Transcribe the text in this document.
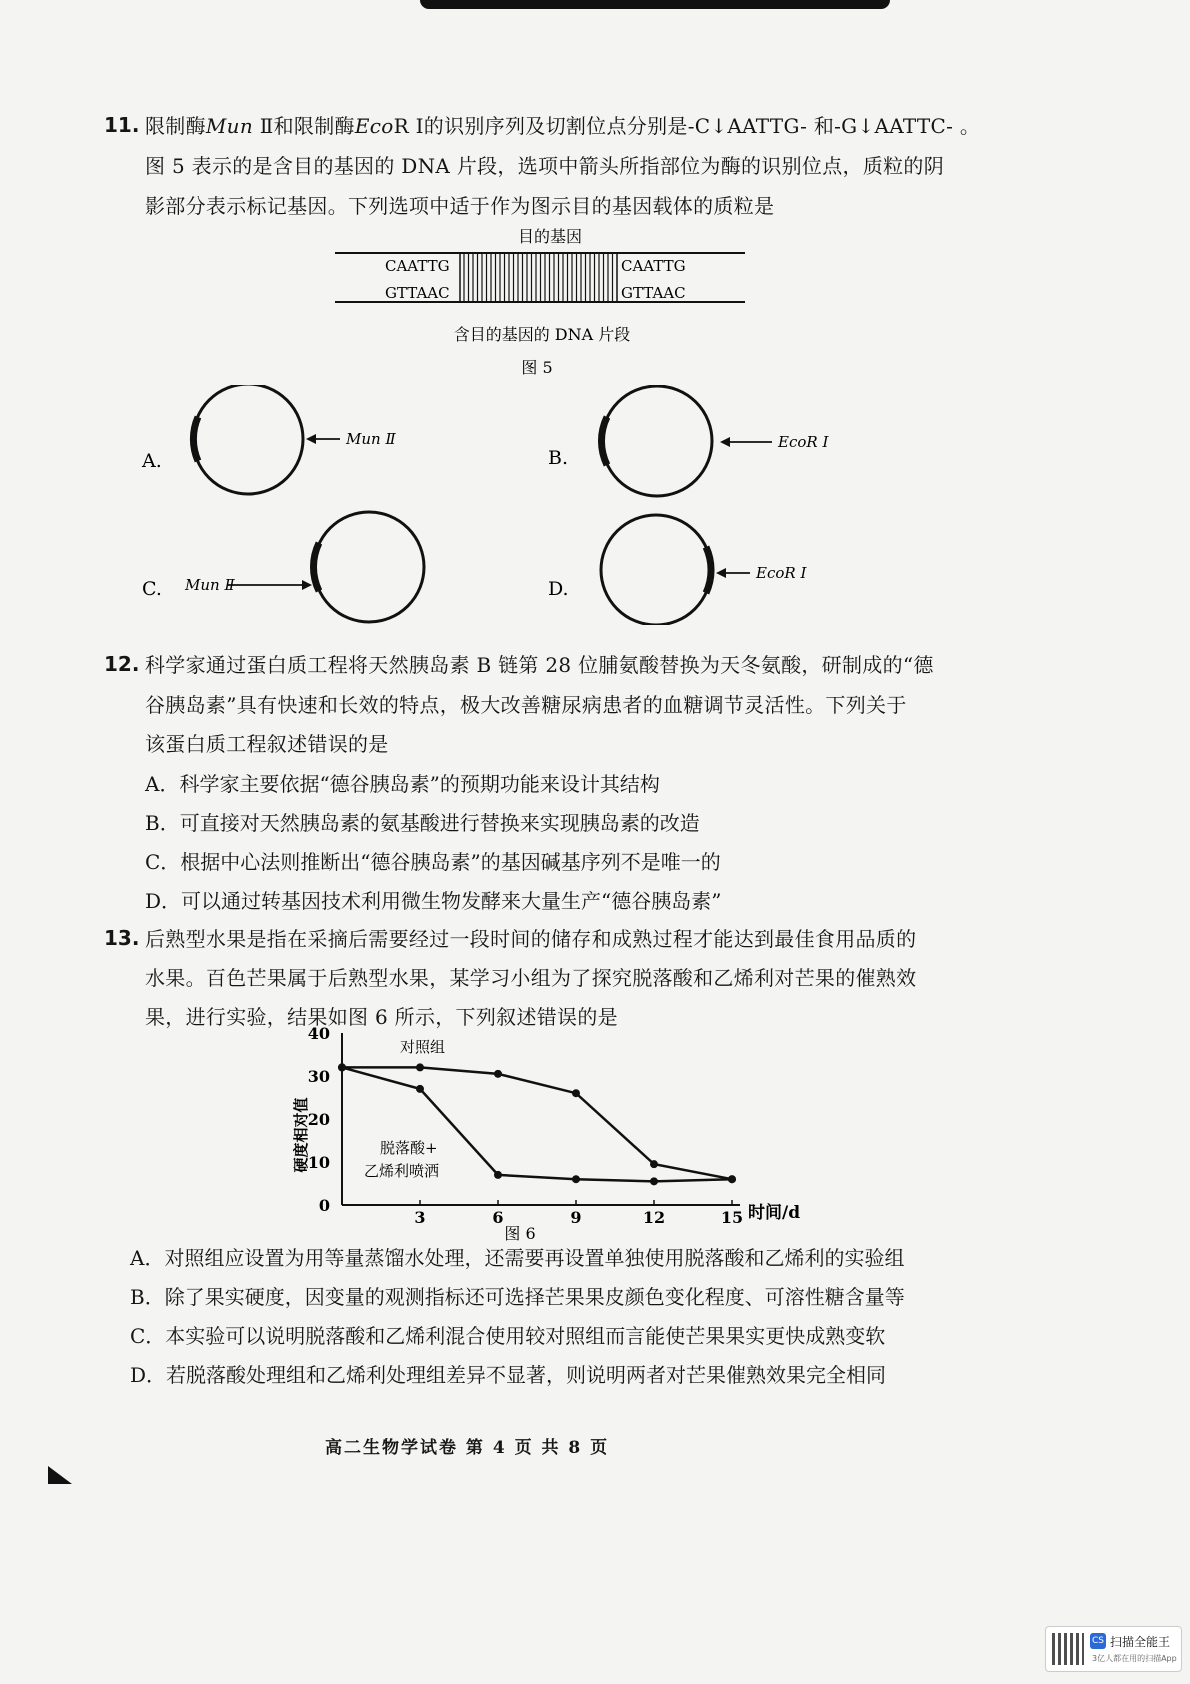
11. 限制酶Mun Ⅱ和限制酶EcoR Ⅰ的识别序列及切割位点分别是-C↓AATTG- 和-G↓AATTC- 。
图 5 表示的是含目的基因的 DNA 片段，选项中箭头所指部位为酶的识别位点，质粒的阴
影部分表示标记基因。下列选项中适于作为图示目的基因载体的质粒是
目的基因
CAATTG
GTTAAC
CAATTG
GTTAAC
含目的基因的 DNA 片段
图 5
A.
Mun Ⅱ
B.
EcoR Ⅰ
C. Mun Ⅱ	D.
EcoR Ⅰ
12. 科学家通过蛋白质工程将天然胰岛素 B 链第 28 位脯氨酸替换为天冬氨酸，研制成的“德
谷胰岛素”具有快速和长效的特点，极大改善糖尿病患者的血糖调节灵活性。下列关于
该蛋白质工程叙述错误的是
A．科学家主要依据“德谷胰岛素”的预期功能来设计其结构
B．可直接对天然胰岛素的氨基酸进行替换来实现胰岛素的改造
C．根据中心法则推断出“德谷胰岛素”的基因碱基序列不是唯一的
D．可以通过转基因技术利用微生物发酵来大量生产“德谷胰岛素”
13. 后熟型水果是指在采摘后需要经过一段时间的储存和成熟过程才能达到最佳食用品质的
水果。百色芒果属于后熟型水果，某学习小组为了探究脱落酸和乙烯利对芒果的催熟效
果，进行实验，结果如图 6 所示，下列叙述错误的是
0
10
20
30
40
3	6	9	12	15
硬度相对值
时间/d
对照组
脱落酸+
乙烯利喷洒
图 6
A．对照组应设置为用等量蒸馏水处理，还需要再设置单独使用脱落酸和乙烯利的实验组
B．除了果实硬度，因变量的观测指标还可选择芒果果皮颜色变化程度、可溶性糖含量等
C．本实验可以说明脱落酸和乙烯利混合使用较对照组而言能使芒果果实更快成熟变软
D．若脱落酸处理组和乙烯利处理组差异不显著，则说明两者对芒果催熟效果完全相同
高二生物学试卷 第 4 页 共 8 页
CS 扫描全能王
3亿人都在用的扫描App
